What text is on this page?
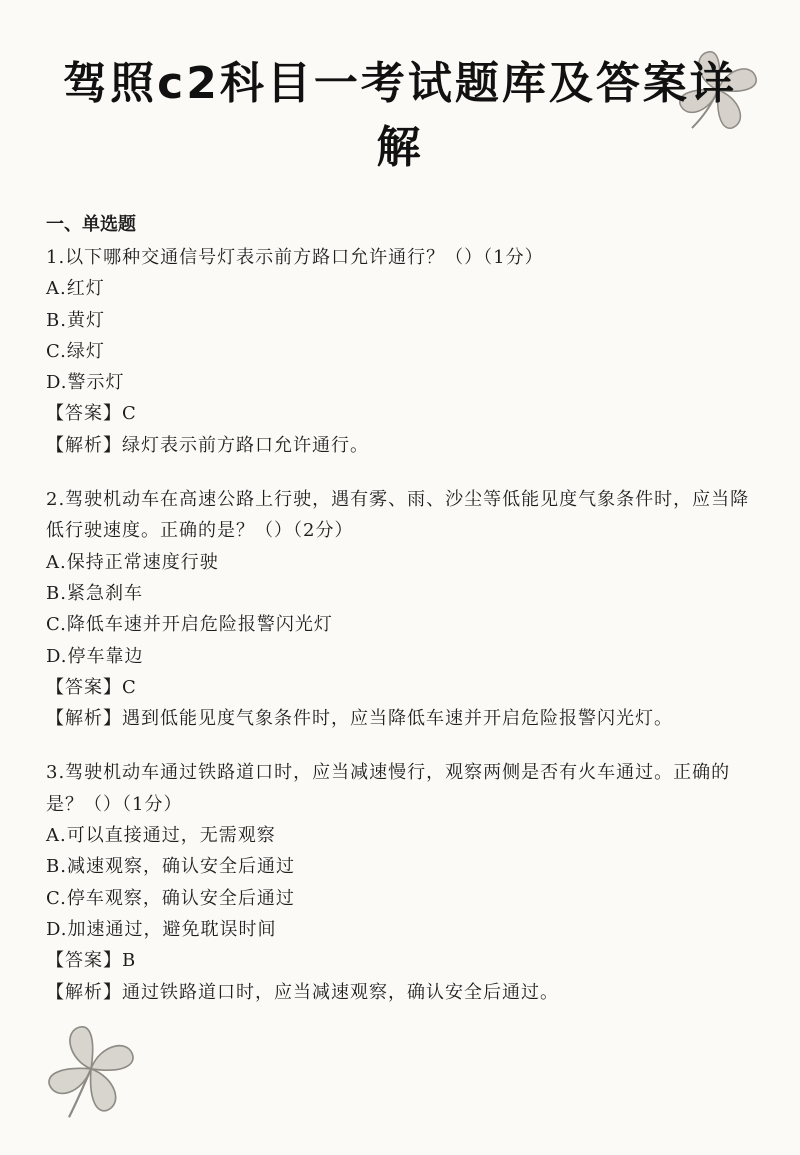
驾照c2科目一考试题库及答案详解
一、单选题

1.以下哪种交通信号灯表示前方路口允许通行？（）（1分）

A.红灯

B.黄灯

C.绿灯

D.警示灯

【答案】C

【解析】绿灯表示前方路口允许通行。

2.驾驶机动车在高速公路上行驶，遇有雾、雨、沙尘等低能见度气象条件时，应当降低行驶速度。正确的是？（）（2分）

A.保持正常速度行驶

B.紧急刹车

C.降低车速并开启危险报警闪光灯

D.停车靠边

【答案】C

【解析】遇到低能见度气象条件时，应当降低车速并开启危险报警闪光灯。

3.驾驶机动车通过铁路道口时，应当减速慢行，观察两侧是否有火车通过。正确的是？（）（1分）

A.可以直接通过，无需观察

B.减速观察，确认安全后通过

C.停车观察，确认安全后通过

D.加速通过，避免耽误时间

【答案】B

【解析】通过铁路道口时，应当减速观察，确认安全后通过。
